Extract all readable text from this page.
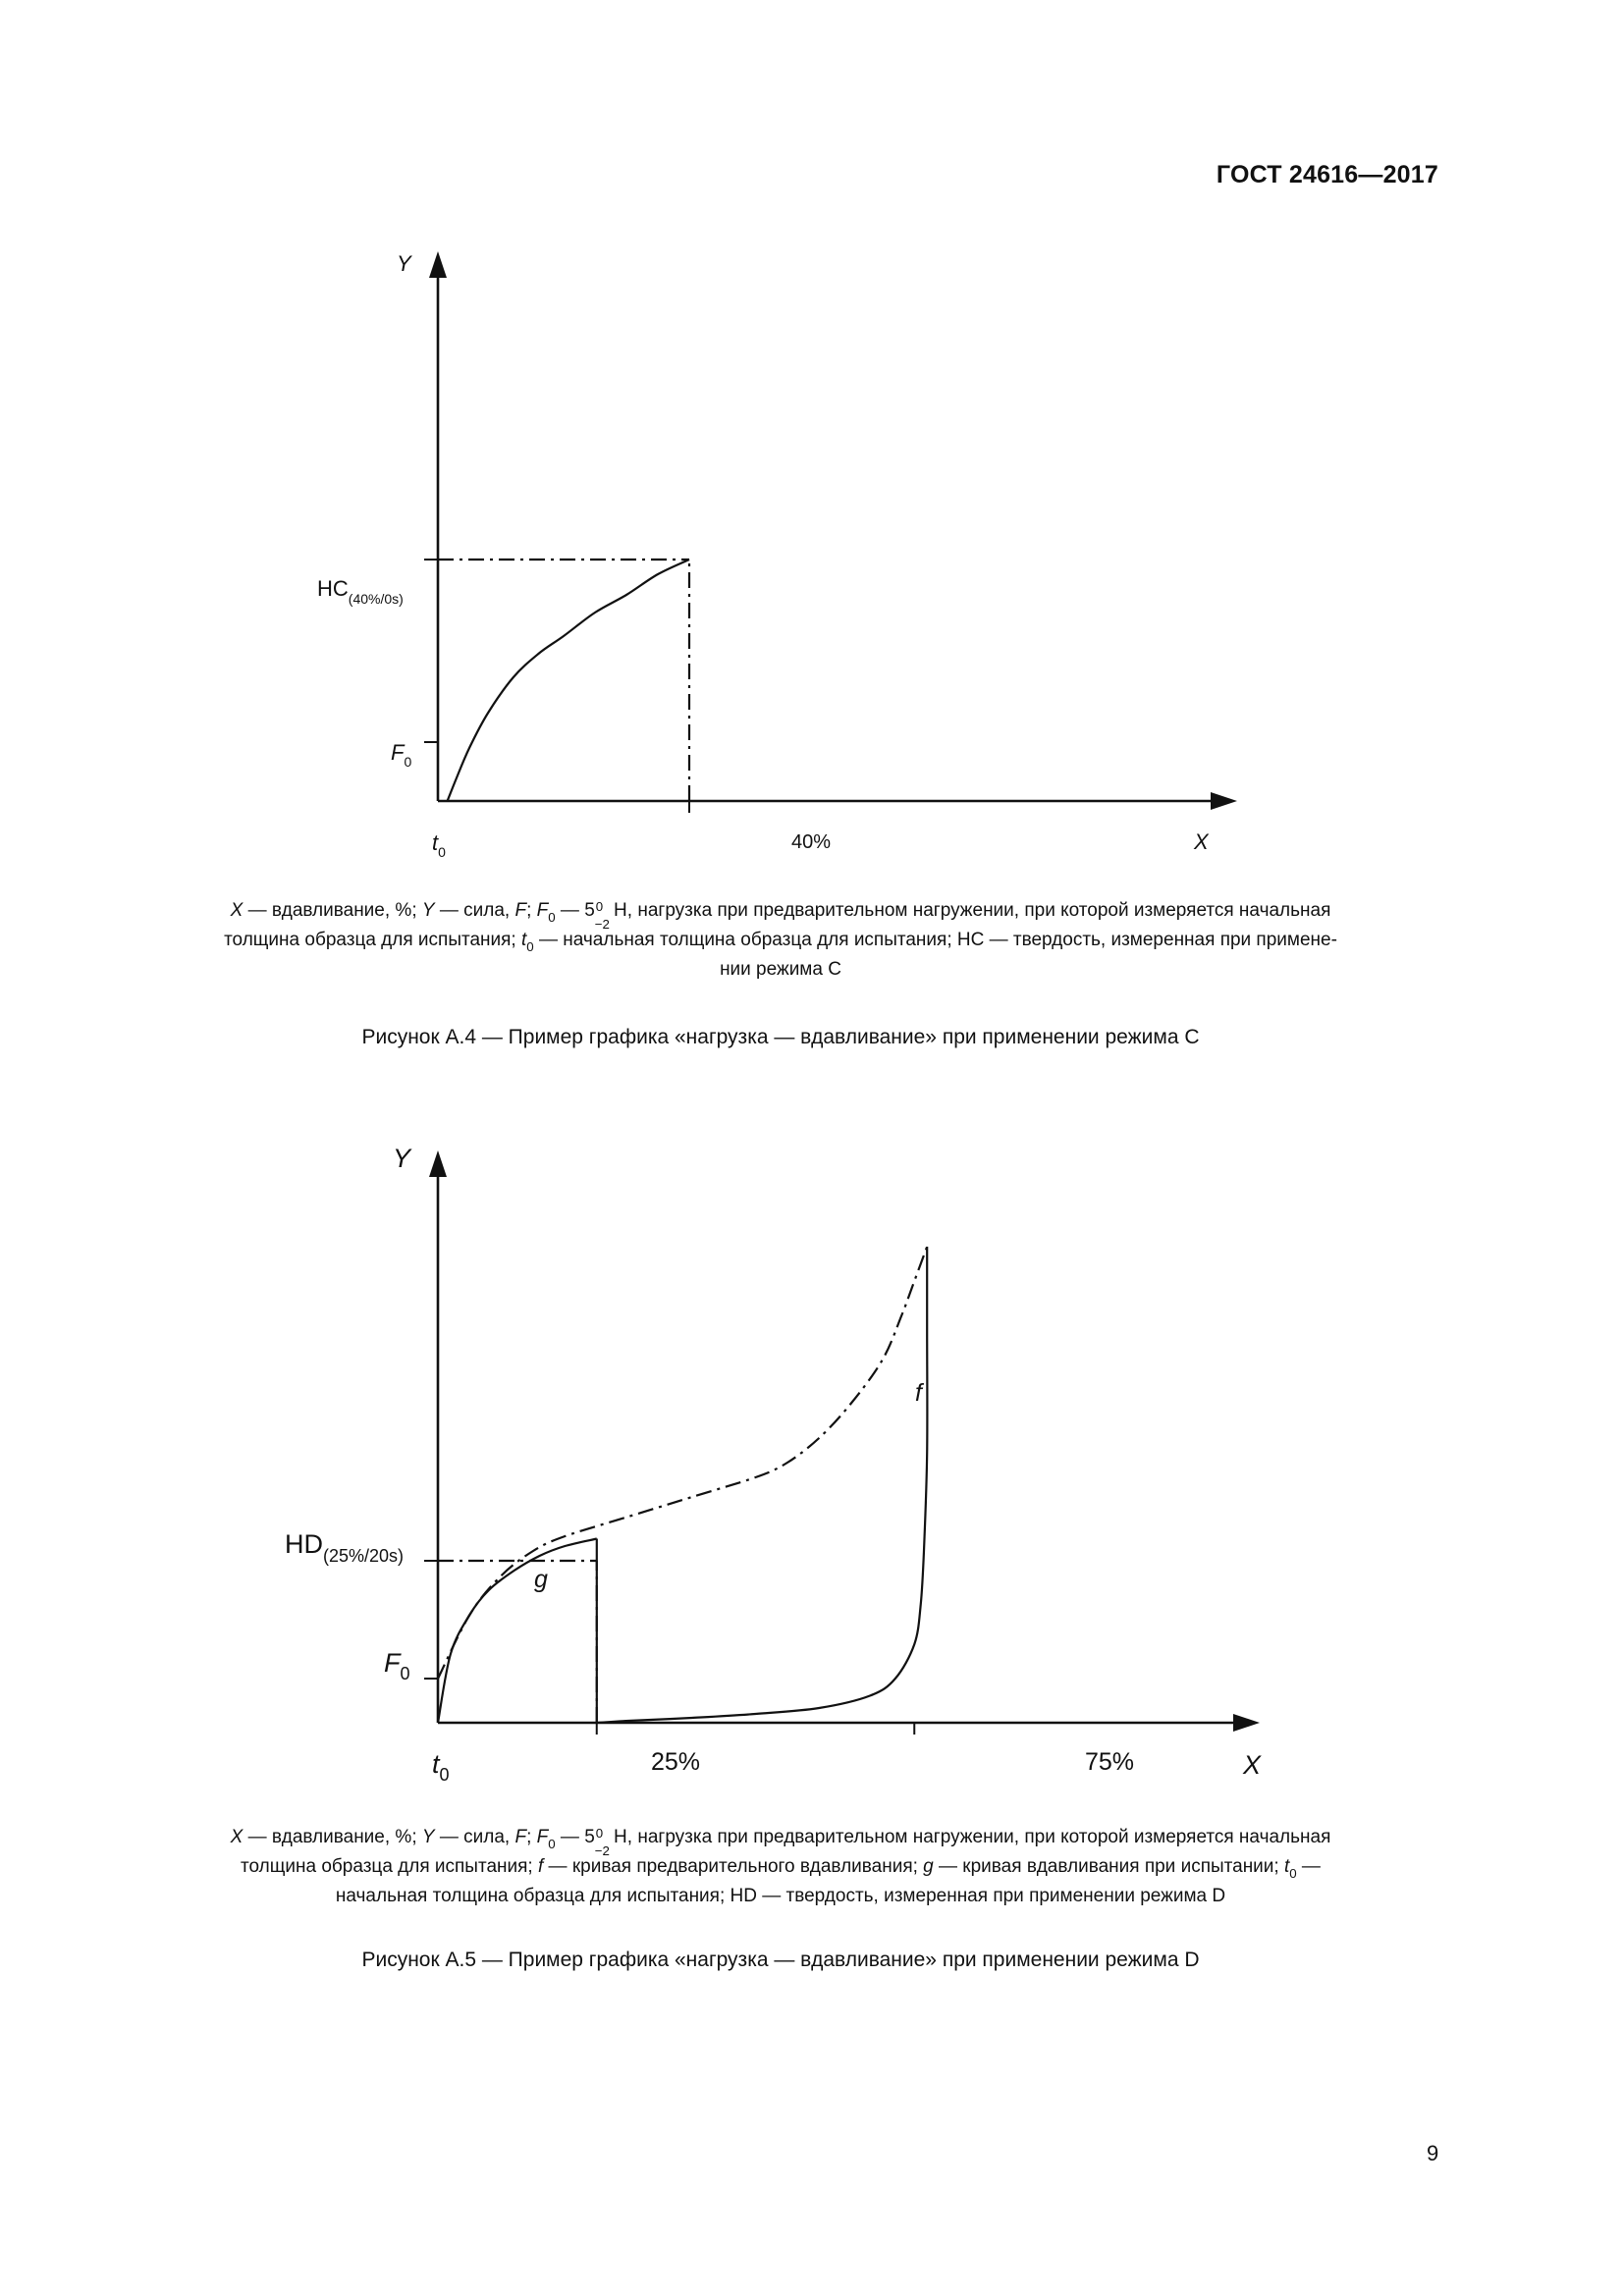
ГОСТ 24616—2017
Y
X
$HC_{(40\%/0s)}$
$F_0$
$t_0$	40%
X — вдавливание, %; Y — сила, F; $F_0$ — 5 0
−2
Н, нагрузка при предварительном нагружении, при которой измеряется начальная
толщина образца для испытания; $t_0$ — начальная толщина образца для испытания; HC — твердость, измеренная при примене-
нии режима С
Рисунок А.4 — Пример графика «нагрузка — вдавливание» при применении режима С
Y
X
$HD_{(25\%/20s)}$
$F_0$
$t_0$	25%	75%
f
g
X — вдавливание, %; Y — сила, F; $F_0$ — 5 0
−2
Н, нагрузка при предварительном нагружении, при которой измеряется начальная
толщина образца для испытания; f — кривая предварительного вдавливания; g — кривая вдавливания при испытании; $t_0$ —
начальная толщина образца для испытания; HD — твердость, измеренная при применении режима D
Рисунок А.5 — Пример графика «нагрузка — вдавливание» при применении режима D
9
